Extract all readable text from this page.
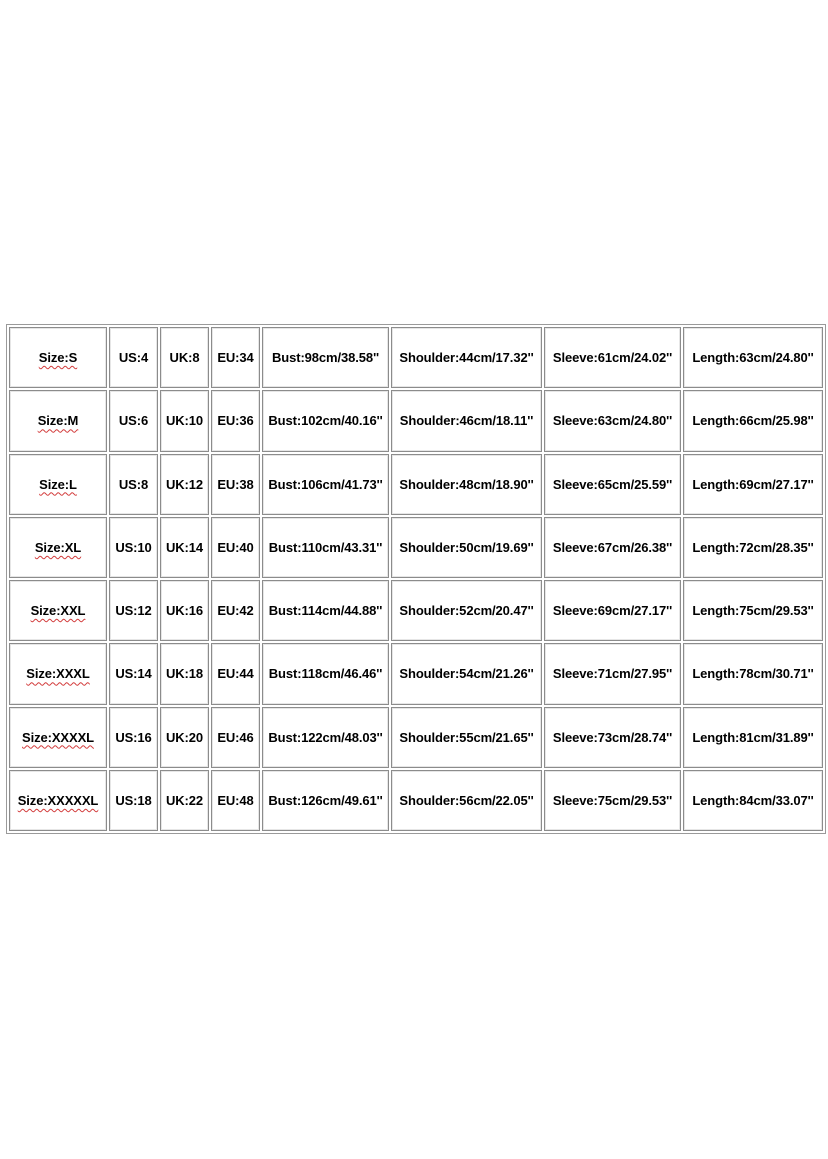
Size:S	US:4	UK:8	EU:34	Bust:98cm/38.58''	Shoulder:44cm/17.32''	Sleeve:61cm/24.02''	Length:63cm/24.80''
Size:M	US:6	UK:10	EU:36	Bust:102cm/40.16''	Shoulder:46cm/18.11''	Sleeve:63cm/24.80''	Length:66cm/25.98''
Size:L	US:8	UK:12	EU:38	Bust:106cm/41.73''	Shoulder:48cm/18.90''	Sleeve:65cm/25.59''	Length:69cm/27.17''
Size:XL	US:10	UK:14	EU:40	Bust:110cm/43.31''	Shoulder:50cm/19.69''	Sleeve:67cm/26.38''	Length:72cm/28.35''
Size:XXL	US:12	UK:16	EU:42	Bust:114cm/44.88''	Shoulder:52cm/20.47''	Sleeve:69cm/27.17''	Length:75cm/29.53''
Size:XXXL	US:14	UK:18	EU:44	Bust:118cm/46.46''	Shoulder:54cm/21.26''	Sleeve:71cm/27.95''	Length:78cm/30.71''
Size:XXXXL	US:16	UK:20	EU:46	Bust:122cm/48.03''	Shoulder:55cm/21.65''	Sleeve:73cm/28.74''	Length:81cm/31.89''
Size:XXXXXL	US:18	UK:22	EU:48	Bust:126cm/49.61''	Shoulder:56cm/22.05''	Sleeve:75cm/29.53''	Length:84cm/33.07''
